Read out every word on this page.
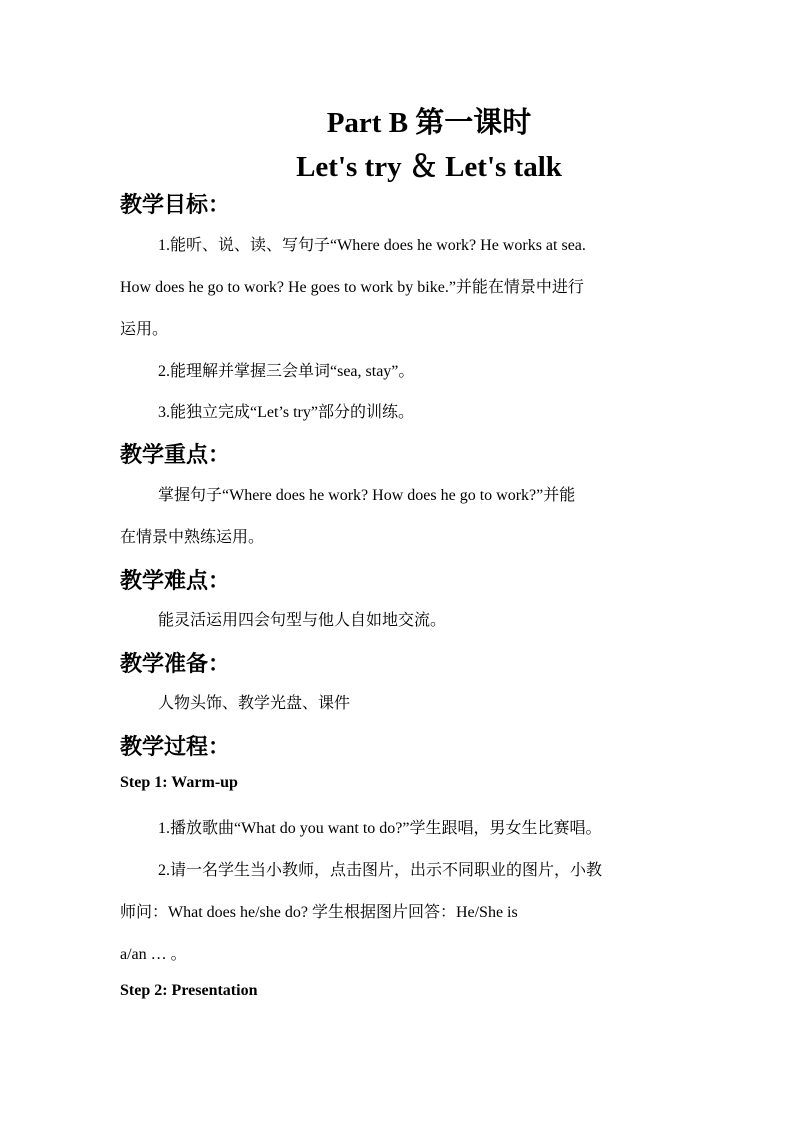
Part B 第一课时
Let's try ＆ Let's talk
教学目标：
1.能听、说、读、写句子“Where does he work? He works at sea.
How does he go to work? He goes to work by bike.”并能在情景中进行
运用。
2.能理解并掌握三会单词“sea, stay”。
3.能独立完成“Let’s try”部分的训练。
教学重点：
掌握句子“Where does he work? How does he go to work?”并能
在情景中熟练运用。
教学难点：
能灵活运用四会句型与他人自如地交流。
教学准备：
人物头饰、教学光盘、课件
教学过程：
Step 1: Warm-up
1.播放歌曲“What do you want to do?”学生跟唱，男女生比赛唱。
2.请一名学生当小教师，点击图片，出示不同职业的图片，小教
师问：What does he/she do? 学生根据图片回答：He/She is
a/an … 。
Step 2: Presentation
